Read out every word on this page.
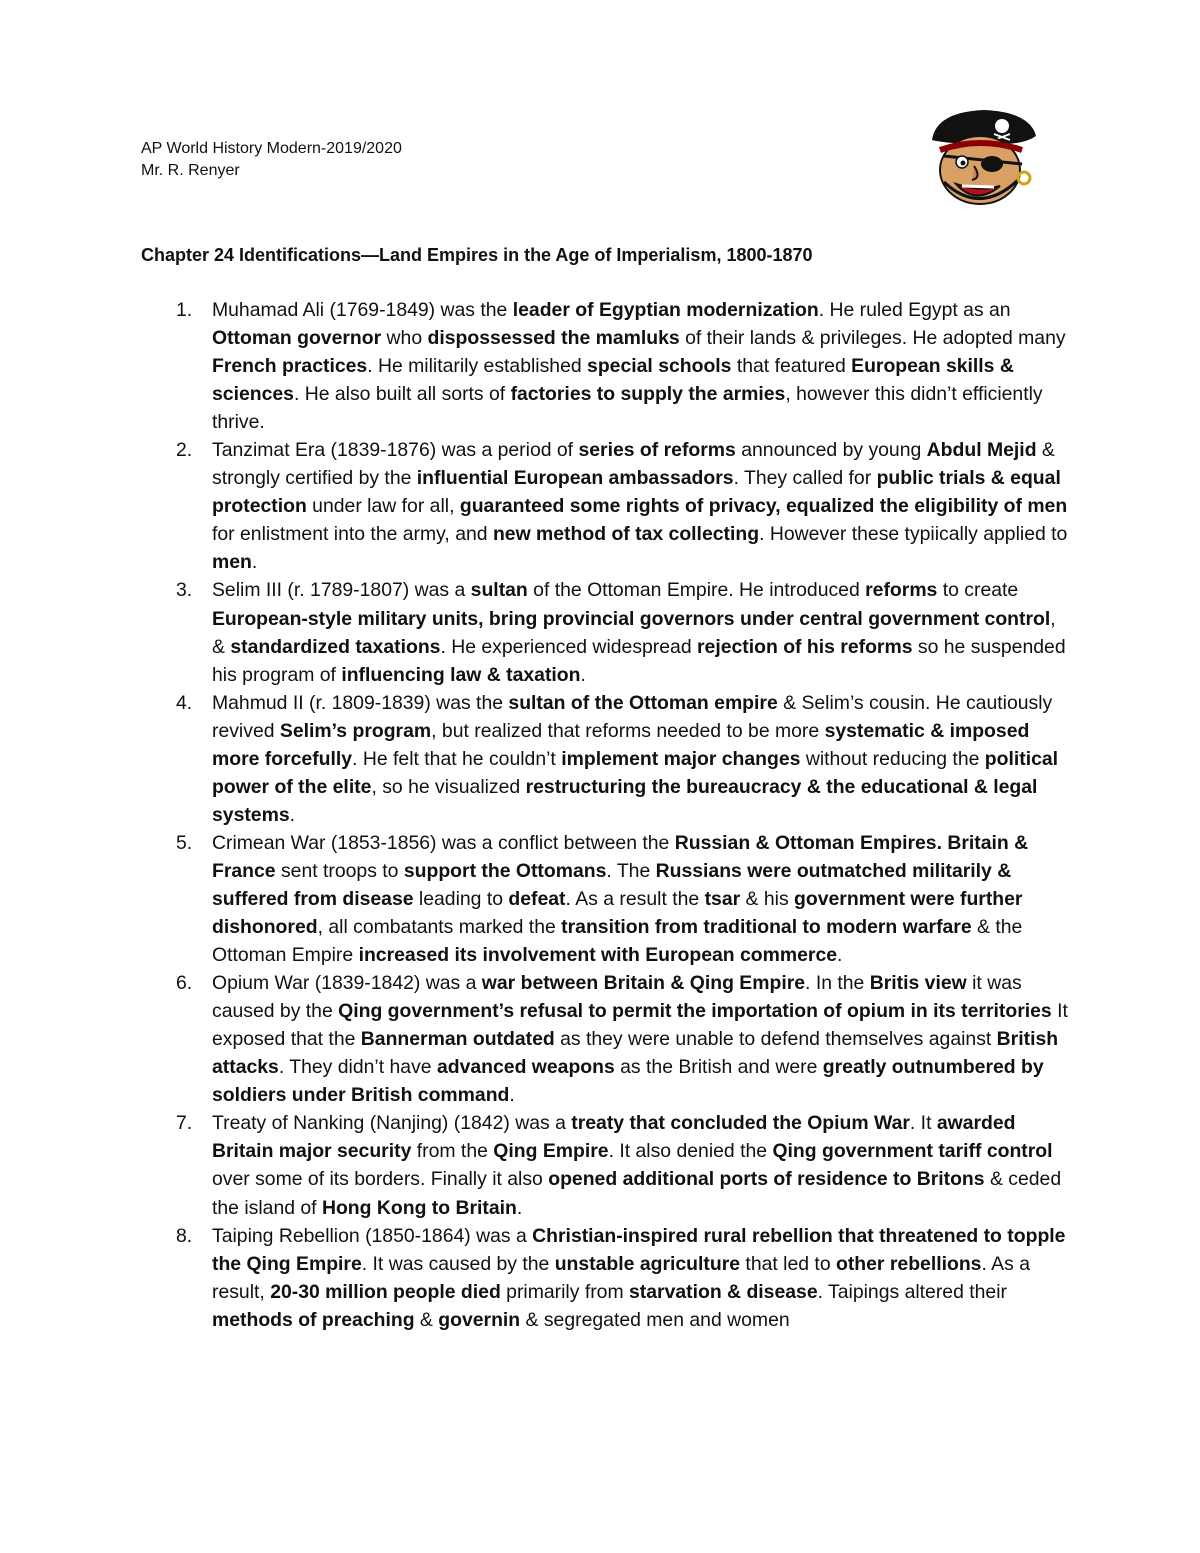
AP World History Modern-2019/2020
Mr. R. Renyer
Chapter 24 Identifications—Land Empires in the Age of Imperialism, 1800-1870
1. Muhamad Ali (1769-1849) was the leader of Egyptian modernization. He ruled Egypt as an Ottoman governor who dispossessed the mamluks of their lands & privileges. He adopted many French practices. He militarily established special schools that featured European skills & sciences. He also built all sorts of factories to supply the armies, however this didn’t efficiently thrive.
2. Tanzimat Era (1839-1876) was a period of series of reforms announced by young Abdul Mejid & strongly certified by the influential European ambassadors. They called for public trials & equal protection under law for all, guaranteed some rights of privacy, equalized the eligibility of men for enlistment into the army, and new method of tax collecting. However these typiically applied to men.
3. Selim III (r. 1789-1807) was a sultan of the Ottoman Empire. He introduced reforms to create European-style military units, bring provincial governors under central government control, & standardized taxations. He experienced widespread rejection of his reforms so he suspended his program of influencing law & taxation.
4. Mahmud II (r. 1809-1839) was the sultan of the Ottoman empire & Selim’s cousin. He cautiously revived Selim’s program, but realized that reforms needed to be more systematic & imposed more forcefully. He felt that he couldn’t implement major changes without reducing the political power of the elite, so he visualized restructuring the bureaucracy & the educational & legal systems.
5. Crimean War (1853-1856) was a conflict between the Russian & Ottoman Empires. Britain & France sent troops to support the Ottomans. The Russians were outmatched militarily & suffered from disease leading to defeat. As a result the tsar & his government were further dishonored, all combatants marked the transition from traditional to modern warfare & the Ottoman Empire increased its involvement with European commerce.
6. Opium War (1839-1842) was a war between Britain & Qing Empire. In the Britis view it was caused by the Qing government’s refusal to permit the importation of opium in its territories It exposed that the Bannerman outdated as they were unable to defend themselves against British attacks. They didn’t have advanced weapons as the British and were greatly outnumbered by soldiers under British command.
7. Treaty of Nanking (Nanjing) (1842) was a treaty that concluded the Opium War. It awarded Britain major security from the Qing Empire. It also denied the Qing government tariff control over some of its borders. Finally it also opened additional ports of residence to Britons & ceded the island of Hong Kong to Britain.
8. Taiping Rebellion (1850-1864) was a Christian-inspired rural rebellion that threatened to topple the Qing Empire. It was caused by the unstable agriculture that led to other rebellions. As a result, 20-30 million people died primarily from starvation & disease. Taipings altered their methods of preaching & governin & segregated men and women
